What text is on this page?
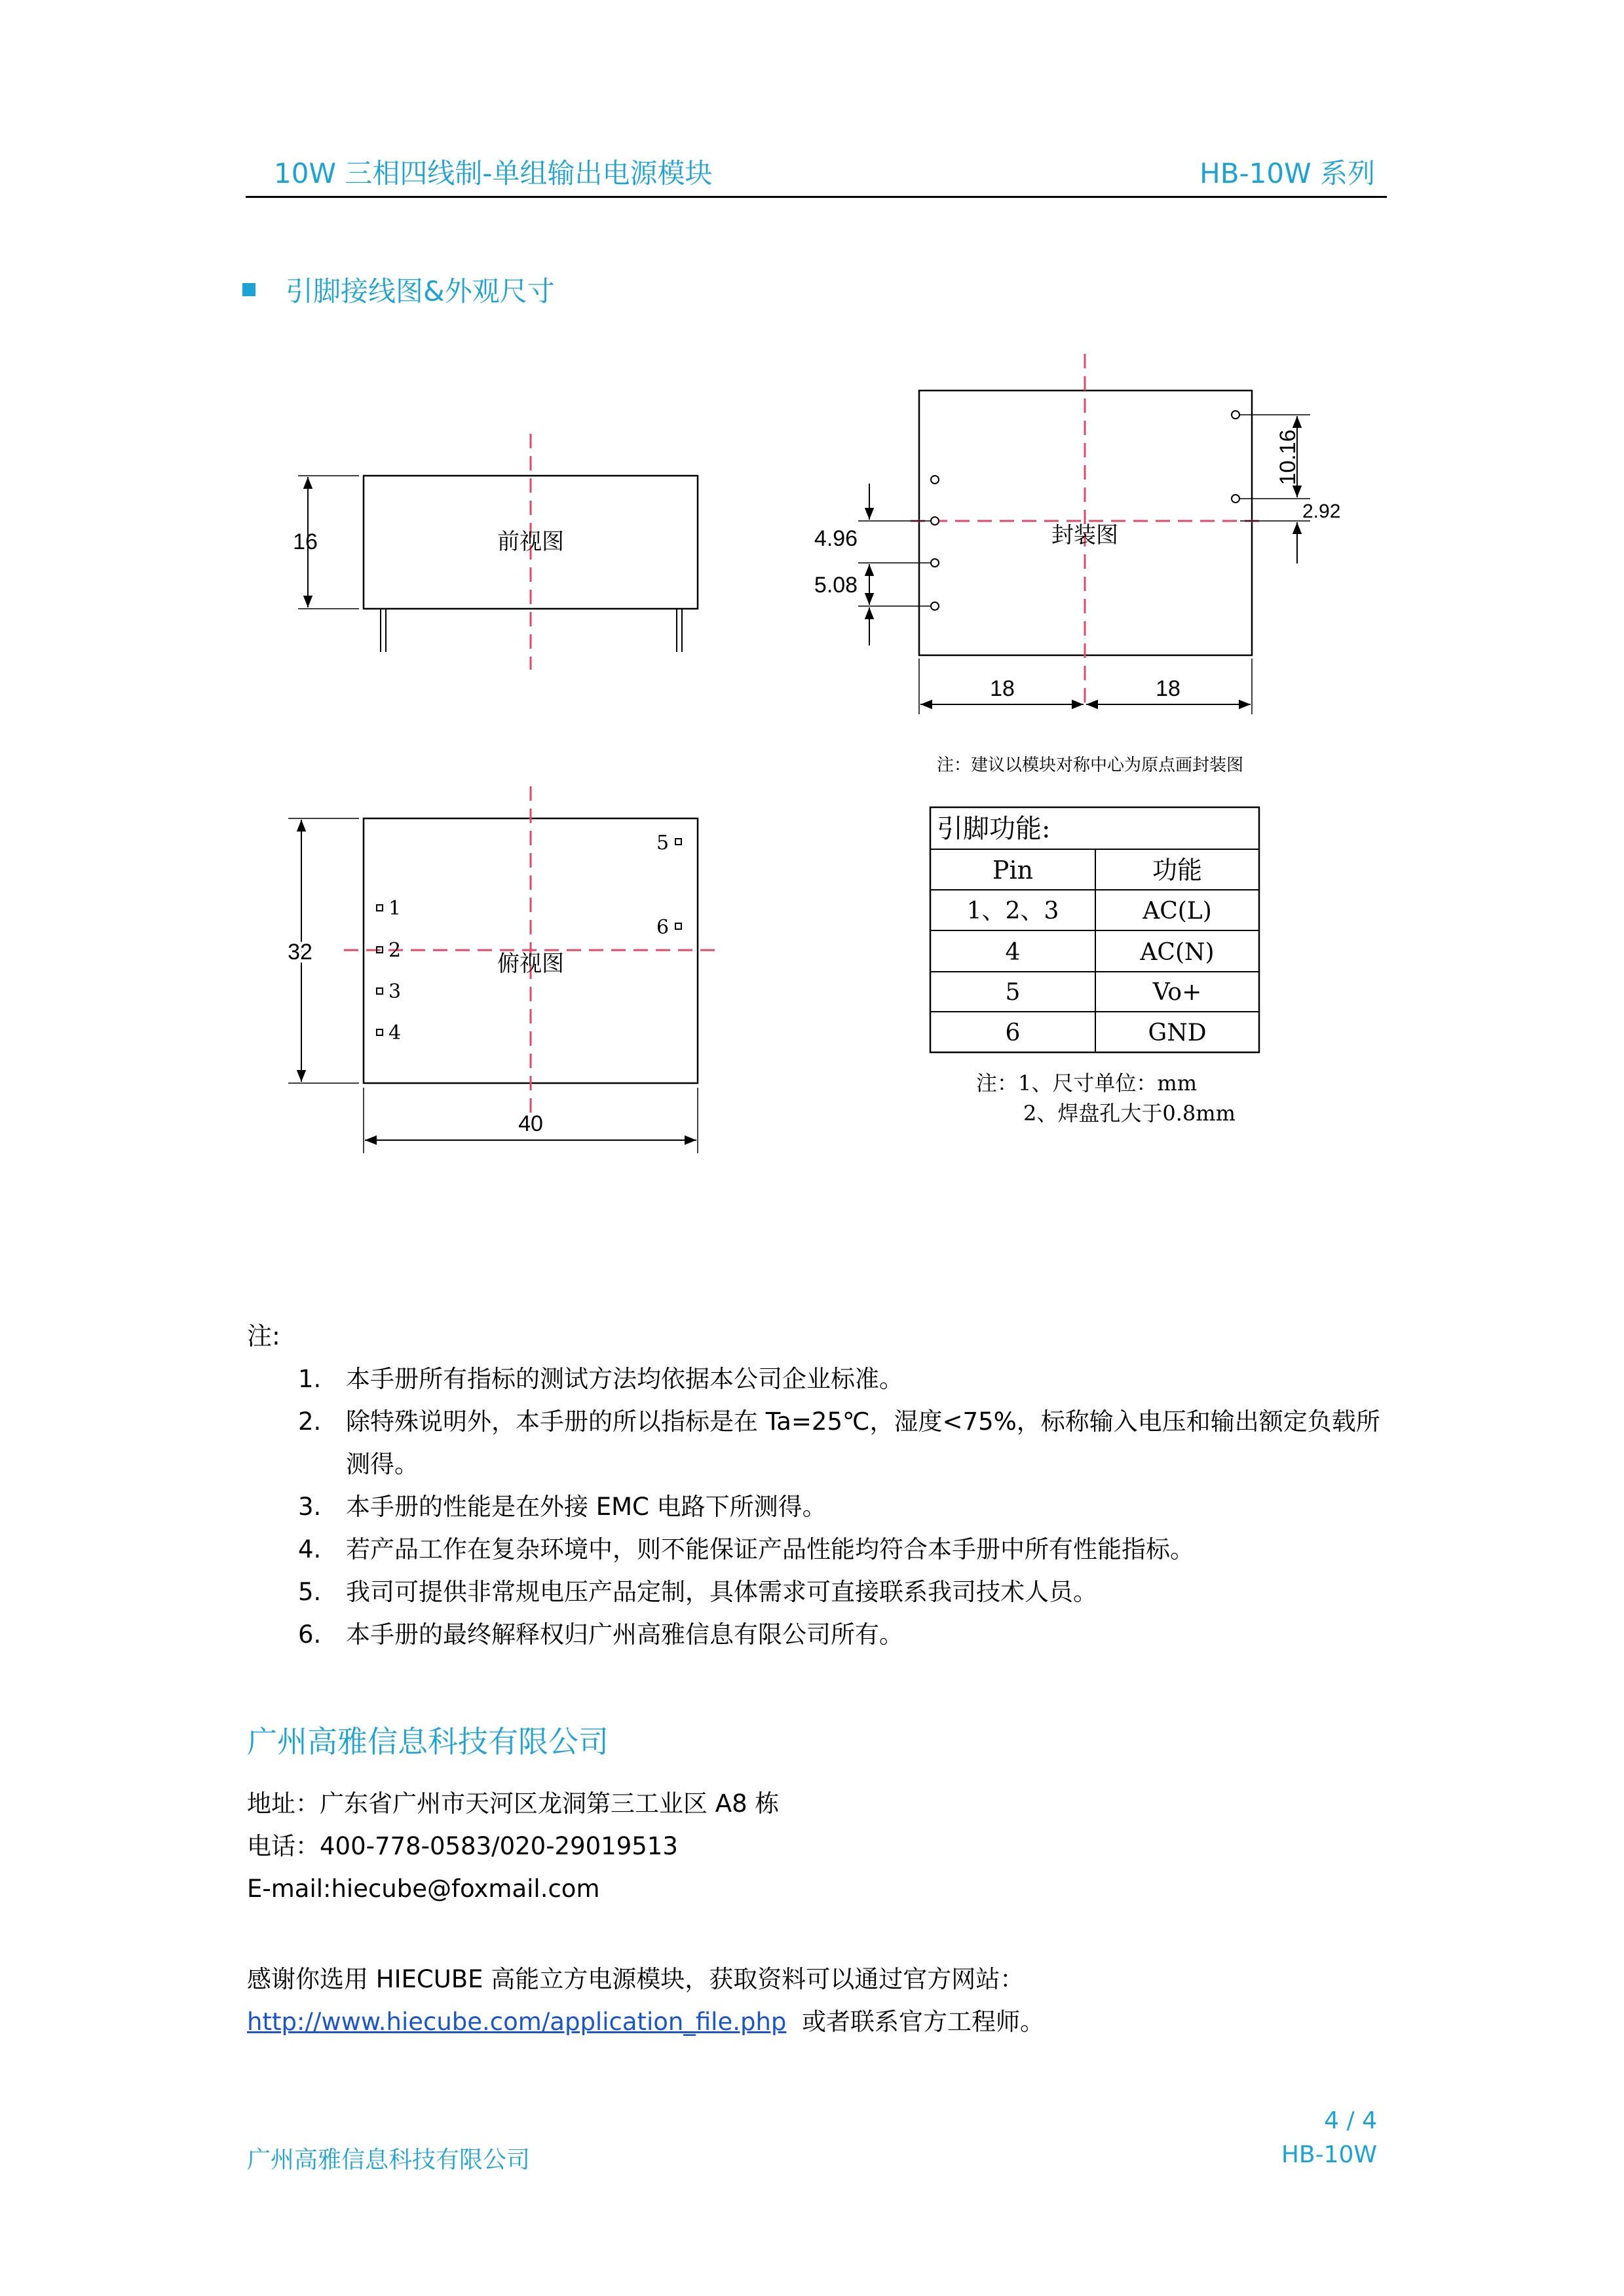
10W 三相四线制-单组输出电源模块	HB-10W 系列
引脚接线图&外观尺寸
16	前视图	封装图
4.96
5.08
10.16
2.92
18	18
注：建议以模块对称中心为原点画封装图
1
2
3
4
5
6
俯视图
32
40
引脚功能:
Pin	功能
1、2、3	AC(L)
4	AC(N)
5	Vo+
6	GND
注：1、尺寸单位：mm
2、焊盘孔大于0.8mm
注:
1.	本手册所有指标的测试方法均依据本公司企业标准。
2.	除特殊说明外，本手册的所以指标是在 Ta=25℃，湿度<75%，标称输入电压和输出额定负载所
测得。
3.	本手册的性能是在外接 EMC 电路下所测得。
4.	若产品工作在复杂环境中，则不能保证产品性能均符合本手册中所有性能指标。
5.	我司可提供非常规电压产品定制，具体需求可直接联系我司技术人员。
6.	本手册的最终解释权归广州高雅信息有限公司所有。
广州高雅信息科技有限公司
地址：广东省广州市天河区龙洞第三工业区 A8 栋
电话：400-778-0583/020-29019513
E-mail:hiecube@foxmail.com
感谢你选用 HIECUBE 高能立方电源模块，获取资料可以通过官方网站：
http://www.hiecube.com/application_file.php 或者联系官方工程师。
广州高雅信息科技有限公司
4 / 4
HB-10W
